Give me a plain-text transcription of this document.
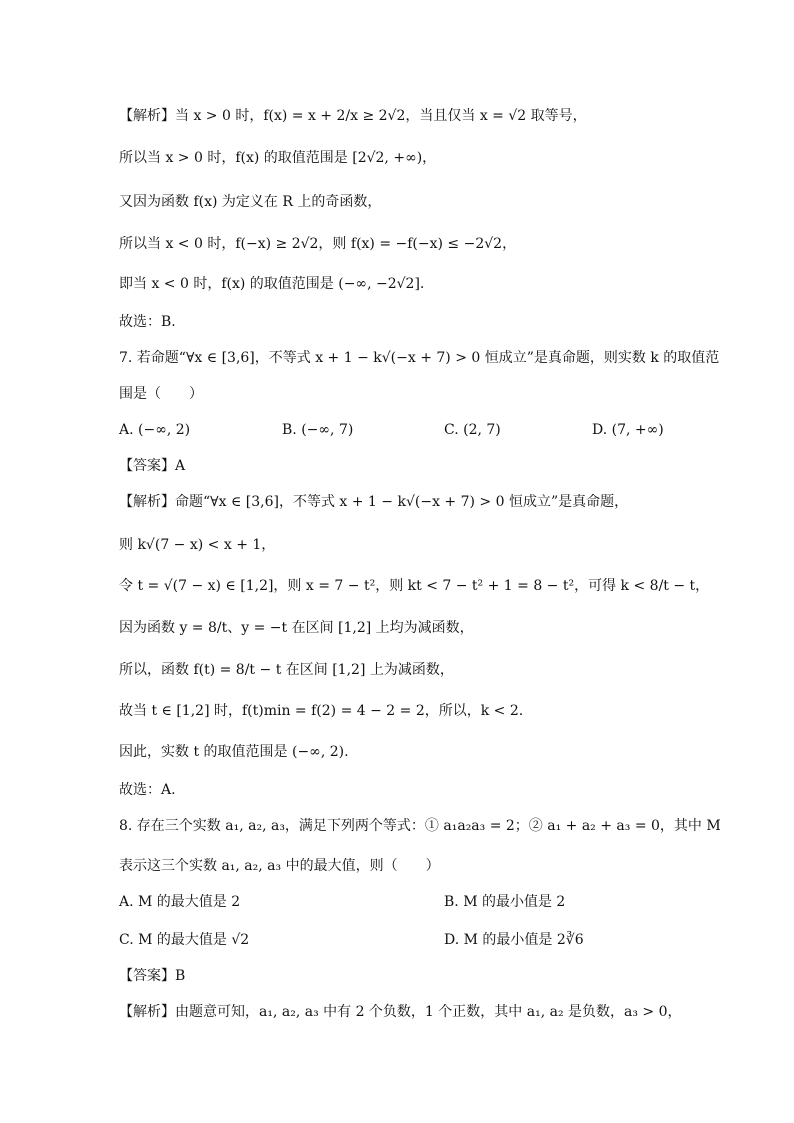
【解析】当 x > 0 时，f(x) = x + 2/x ≥ 2√2，当且仅当 x = √2 取等号，
所以当 x > 0 时，f(x) 的取值范围是 [2√2, +∞)，
又因为函数 f(x) 为定义在 R 上的奇函数，
所以当 x < 0 时，f(−x) ≥ 2√2，则 f(x) = −f(−x) ≤ −2√2，
即当 x < 0 时，f(x) 的取值范围是 (−∞, −2√2].
故选：B.
7. 若命题“∀x ∈ [3,6]，不等式 x + 1 − k√(−x + 7) > 0 恒成立”是真命题，则实数 k 的取值范
围是（　　）
A. (−∞, 2)	B. (−∞, 7)	C. (2, 7)	D. (7, +∞)
【答案】A
【解析】命题“∀x ∈ [3,6]，不等式 x + 1 − k√(−x + 7) > 0 恒成立”是真命题，
则 k√(7 − x) < x + 1，
令 t = √(7 − x) ∈ [1,2]，则 x = 7 − t²，则 kt < 7 − t² + 1 = 8 − t²，可得 k < 8/t − t，
因为函数 y = 8/t、y = −t 在区间 [1,2] 上均为减函数，
所以，函数 f(t) = 8/t − t 在区间 [1,2] 上为减函数，
故当 t ∈ [1,2] 时，f(t)min = f(2) = 4 − 2 = 2，所以，k < 2.
因此，实数 t 的取值范围是 (−∞, 2).
故选：A.
8. 存在三个实数 a₁, a₂, a₃，满足下列两个等式：① a₁a₂a₃ = 2；② a₁ + a₂ + a₃ = 0，其中 M
表示这三个实数 a₁, a₂, a₃ 中的最大值，则（　　）
A. M 的最大值是 2	B. M 的最小值是 2
C. M 的最大值是 √2	D. M 的最小值是 2∛6
【答案】B
【解析】由题意可知，a₁, a₂, a₃ 中有 2 个负数，1 个正数，其中 a₁, a₂ 是负数，a₃ > 0，
